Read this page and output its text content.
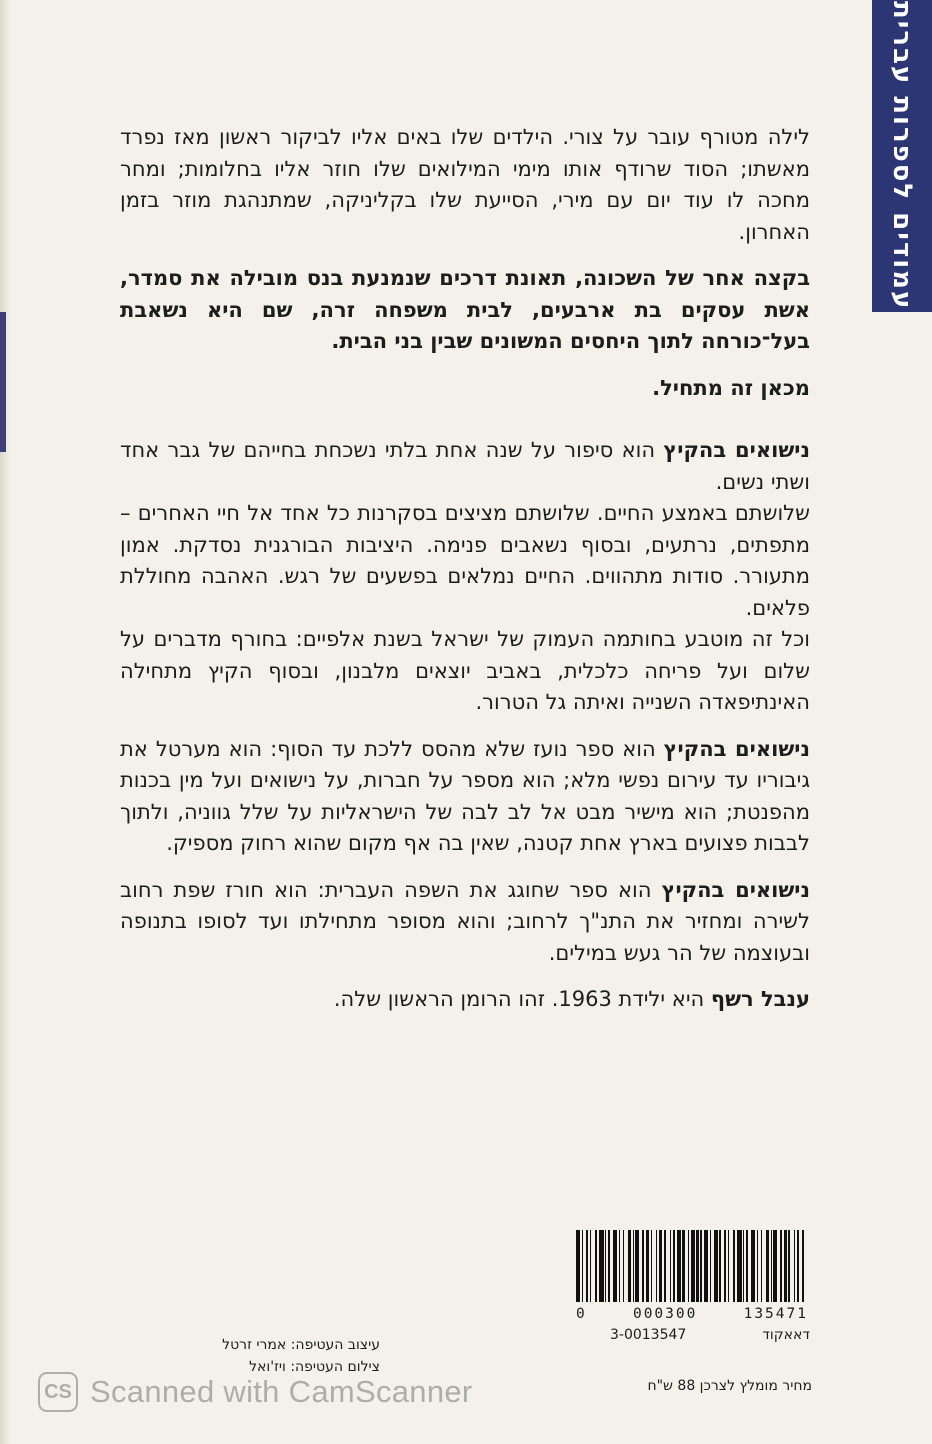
עמודים לספרות עברית

לילה מטורף עובר על צורי. הילדים שלו באים אליו לביקור ראשון מאז נפרד מאשתו; הסוד שרודף אותו מימי המילואים שלו חוזר אליו בחלומות; ומחר מחכה לו עוד יום עם מירי, הסייעת שלו בקליניקה, שמתנהגת מוזר בזמן האחרון.

בקצה אחר של השכונה, תאונת דרכים שנמנעת בנס מובילה את סמדר, אשת עסקים בת ארבעים, לבית משפחה זרה, שם היא נשאבת בעל־כורחה לתוך היחסים המשונים שבין בני הבית.

מכאן זה מתחיל.

נישואים בהקיץ הוא סיפור על שנה אחת בלתי נשכחת בחייהם של גבר אחד ושתי נשים.

שלושתם באמצע החיים. שלושתם מציצים בסקרנות כל אחד אל חיי האחרים – מתפתים, נרתעים, ובסוף נשאבים פנימה. היציבות הבורגנית נסדקת. אמון מתעורר. סודות מתהווים. החיים נמלאים בפשעים של רגש. האהבה מחוללת פלאים.

וכל זה מוטבע בחותמה העמוק של ישראל בשנת אלפיים: בחורף מדברים על שלום ועל פריחה כלכלית, באביב יוצאים מלבנון, ובסוף הקיץ מתחילה האינתיפאדה השנייה ואיתה גל הטרור.

נישואים בהקיץ הוא ספר נועז שלא מהסס ללכת עד הסוף: הוא מערטל את גיבוריו עד עירום נפשי מלא; הוא מספר על חברות, על נישואים ועל מין בכנות מהפנטת; הוא מישיר מבט אל לב לבה של הישראליות על שלל גווניה, ולתוך לבבות פצועים בארץ אחת קטנה, שאין בה אף מקום שהוא רחוק מספיק.

נישואים בהקיץ הוא ספר שחוגג את השפה העברית: הוא חורז שפת רחוב לשירה ומחזיר את התנ"ך לרחוב; והוא מסופר מתחילתו ועד לסופו בתנופה ובעוצמה של הר געש במילים.

ענבל רשף היא ילידת 1963. זהו הרומן הראשון שלה.

0	000300	135471
3-0013547	דאאקוד
מחיר מומלץ לצרכן 88 ש"ח
עיצוב העטיפה: אמרי זרטל
צילום העטיפה: ויז'ואל
CS Scanned with CamScanner
